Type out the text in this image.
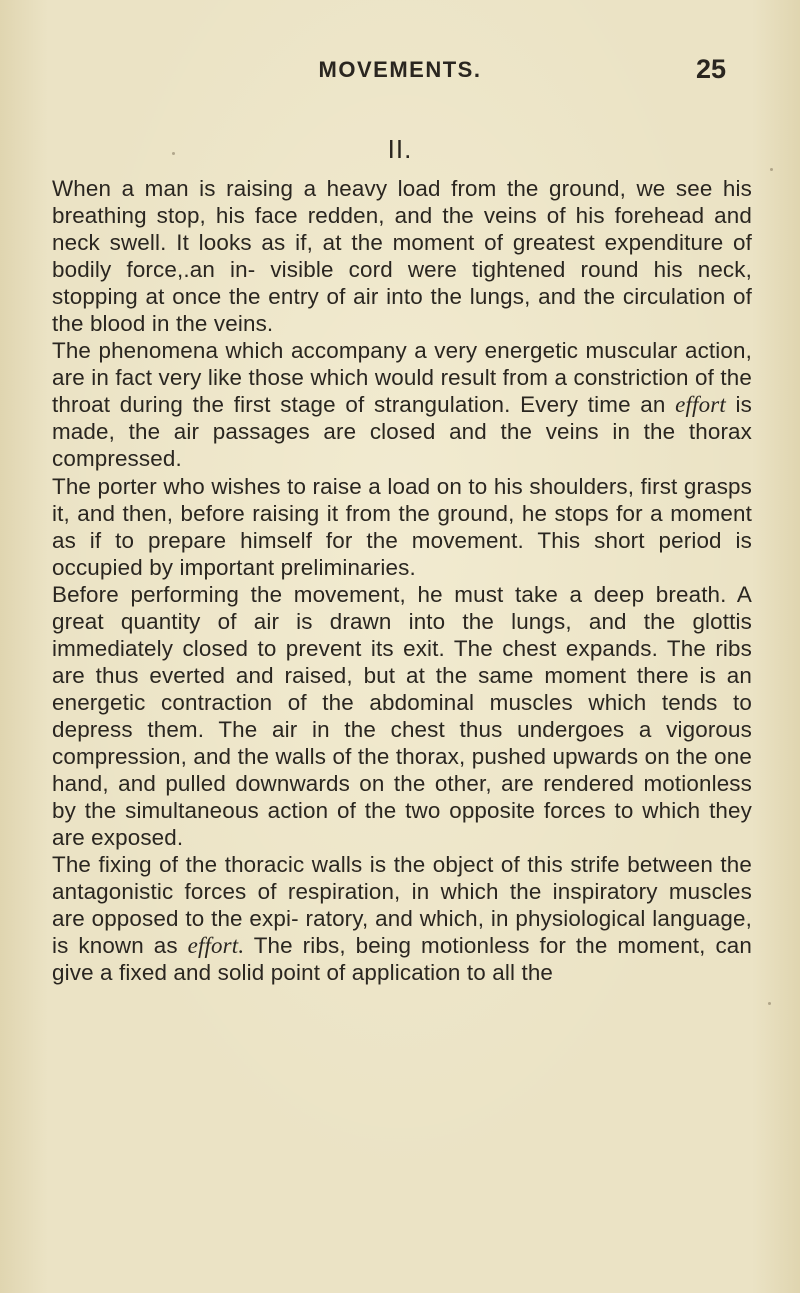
MOVEMENTS.	25
II.

When a man is raising a heavy load from the ground, we see his breathing stop, his face redden, and the veins of his forehead and neck swell. It looks as if, at the moment of greatest expenditure of bodily force,.an in- visible cord were tightened round his neck, stopping at once the entry of air into the lungs, and the circulation of the blood in the veins.

The phenomena which accompany a very energetic muscular action, are in fact very like those which would result from a constriction of the throat during the first stage of strangulation. Every time an effort is made, the air passages are closed and the veins in the thorax compressed.

The porter who wishes to raise a load on to his shoulders, first grasps it, and then, before raising it from the ground, he stops for a moment as if to prepare himself for the movement. This short period is occupied by important preliminaries.

Before performing the movement, he must take a deep breath. A great quantity of air is drawn into the lungs, and the glottis immediately closed to prevent its exit. The chest expands. The ribs are thus everted and raised, but at the same moment there is an energetic contraction of the abdominal muscles which tends to depress them. The air in the chest thus undergoes a vigorous compression, and the walls of the thorax, pushed upwards on the one hand, and pulled downwards on the other, are rendered motionless by the simultaneous action of the two opposite forces to which they are exposed.

The fixing of the thoracic walls is the object of this strife between the antagonistic forces of respiration, in which the inspiratory muscles are opposed to the expi- ratory, and which, in physiological language, is known as effort. The ribs, being motionless for the moment, can give a fixed and solid point of application to all the
